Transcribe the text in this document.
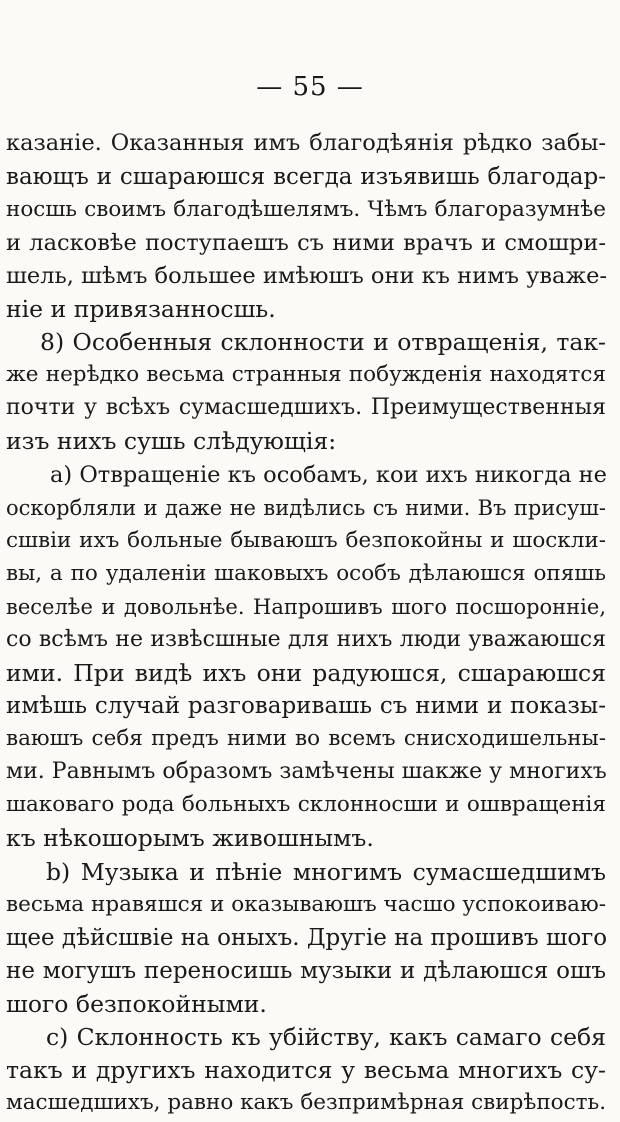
— 55 —
казаніе. Оказанныя имъ благодѣянія рѣдко забы-
вающъ и сшараюшся всегда изъявишь благодар-
носшь своимъ благодѣшелямъ. Чѣмъ благоразумнѣе
и ласковѣе поступаешъ съ ними врачъ и смошри-
шель, шѣмъ большее имѣюшъ они къ нимъ уваже-
ніе и привязанносшь.
8) Особенныя склонности и отвращенія, так-
же нерѣдко весьма странныя побужденія находятся
почти у всѣхъ сумасшедшихъ. Преимущественныя
изъ нихъ сушь слѣдующія:
a) Отвращеніе къ особамъ, кои ихъ никогда не
оскорбляли и даже не видѣлись съ ними. Въ присуш-
сшвіи ихъ больные бываюшъ безпокойны и шоскли-
вы, а по удаленіи шаковыхъ особъ дѣлаюшся опяшь
веселѣе и довольнѣе. Напрошивъ шого посшороннie,
со всѣмъ не извѣсшные для нихъ люди уважаюшся
ими. При видѣ ихъ они радуюшся, сшараюшся
имѣшь случай разговаривашь съ ними и показы-
ваюшъ себя предъ ними во всемъ снисходишельны-
ми. Равнымъ образомъ замѣчены шакже у многихъ
шаковаго рода больныхъ склонносши и ошвращенія
къ нѣкошорымъ живошнымъ.
b) Музыка и пѣніе многимъ сумасшедшимъ
весьма нравяшся и оказываюшъ часшо успокоиваю-
щее дѣйсшвіе на оныхъ. Другіе на прошивъ шого
не могушъ переносишь музыки и дѣлаюшся ошъ
шого безпокойными.
c) Склонность къ убійству, какъ самаго себя
такъ и другихъ находится у весьма многихъ су-
масшедшихъ, равно какъ безпримѣрная свирѣпость.
